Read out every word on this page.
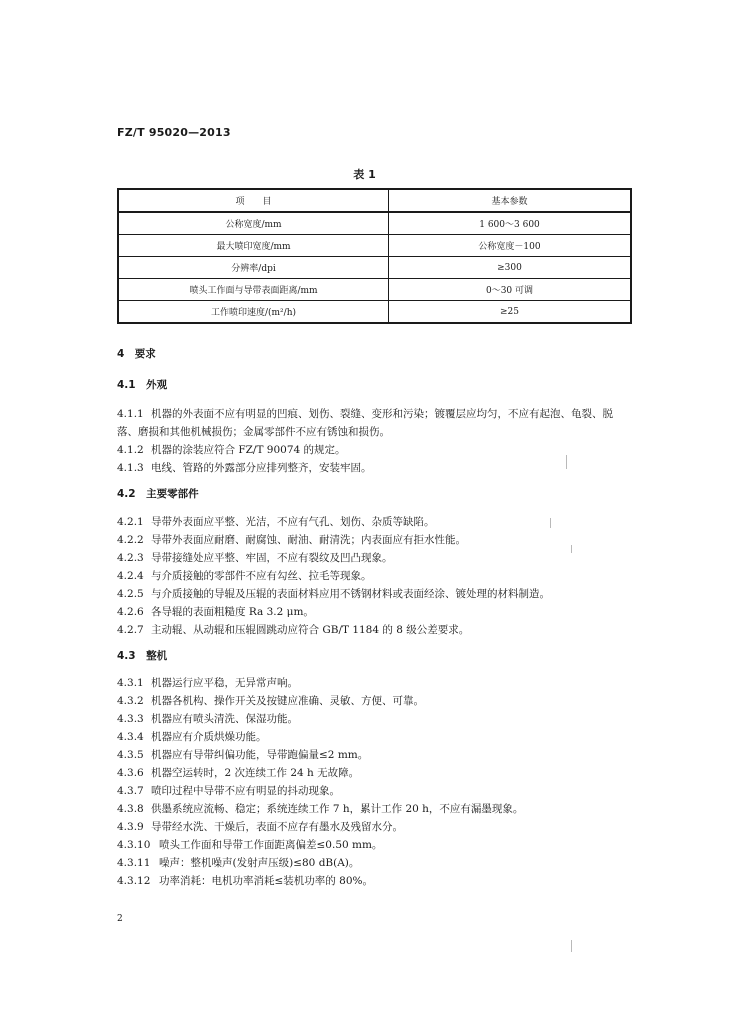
FZ/T 95020—2013
表 1
项　　目	基本参数
公称宽度/mm	1 600～3 600
最大喷印宽度/mm	公称宽度－100
分辨率/dpi	≥300
喷头工作面与导带表面距离/mm	0～30 可调
工作喷印速度/(m²/h)	≥25
4　要求
4.1　外观
4.1.1 机器的外表面不应有明显的凹痕、划伤、裂缝、变形和污染；镀覆层应均匀，不应有起泡、龟裂、脱
落、磨损和其他机械损伤；金属零部件不应有锈蚀和损伤。
4.1.2 机器的涂装应符合 FZ/T 90074 的规定。
4.1.3 电线、管路的外露部分应排列整齐，安装牢固。
4.2　主要零部件
4.2.1 导带外表面应平整、光洁，不应有气孔、划伤、杂质等缺陷。
4.2.2 导带外表面应耐磨、耐腐蚀、耐油、耐清洗；内表面应有拒水性能。
4.2.3 导带接缝处应平整、牢固，不应有裂纹及凹凸现象。
4.2.4 与介质接触的零部件不应有勾丝、拉毛等现象。
4.2.5 与介质接触的导辊及压辊的表面材料应用不锈钢材料或表面经涂、镀处理的材料制造。
4.2.6 各导辊的表面粗糙度 Ra 3.2 μm。
4.2.7 主动辊、从动辊和压辊圆跳动应符合 GB/T 1184 的 8 级公差要求。
4.3　整机
4.3.1 机器运行应平稳，无异常声响。
4.3.2 机器各机构、操作开关及按键应准确、灵敏、方便、可靠。
4.3.3 机器应有喷头清洗、保湿功能。
4.3.4 机器应有介质烘燥功能。
4.3.5 机器应有导带纠偏功能，导带跑偏量≤2 mm。
4.3.6 机器空运转时，2 次连续工作 24 h 无故障。
4.3.7 喷印过程中导带不应有明显的抖动现象。
4.3.8 供墨系统应流畅、稳定；系统连续工作 7 h，累计工作 20 h，不应有漏墨现象。
4.3.9 导带经水洗、干燥后，表面不应存有墨水及残留水分。
4.3.10 喷头工作面和导带工作面距离偏差≤0.50 mm。
4.3.11 噪声：整机噪声(发射声压级)≤80 dB(A)。
4.3.12 功率消耗：电机功率消耗≤装机功率的 80%。
2
